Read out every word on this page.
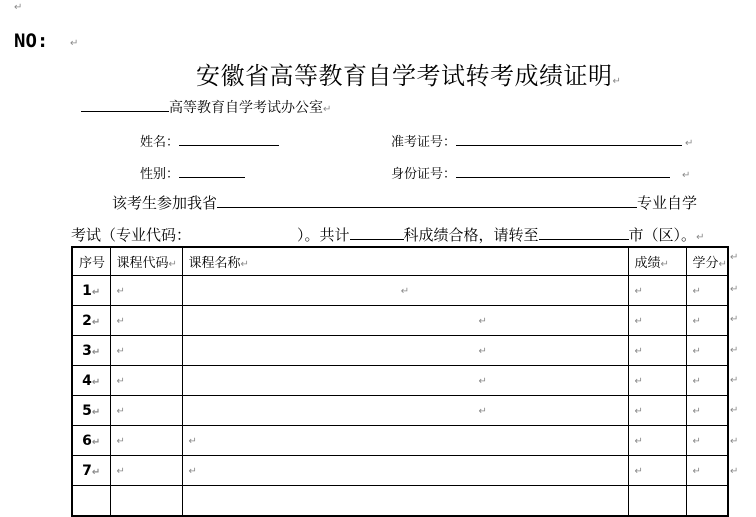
↵
NO: ↵
安徽省高等教育自学考试转考成绩证明↵
高等教育自学考试办公室↵
姓名：	准考证号：	↵
性别：	身份证号：	↵
该考生参加我省	专业自学
考试（专业代码：	）。共计	科成绩合格，请转至	市（区）。↵
序号	课程代码↵	课程名称↵	成绩↵	学分↵
1↵	↵	↵	↵	↵
2↵	↵	↵	↵	↵
3↵	↵	↵	↵	↵
4↵	↵	↵	↵	↵
5↵	↵	↵	↵	↵
6↵	↵	↵	↵	↵
7↵	↵	↵	↵	↵

↵
↵
↵
↵
↵
↵
↵
↵
